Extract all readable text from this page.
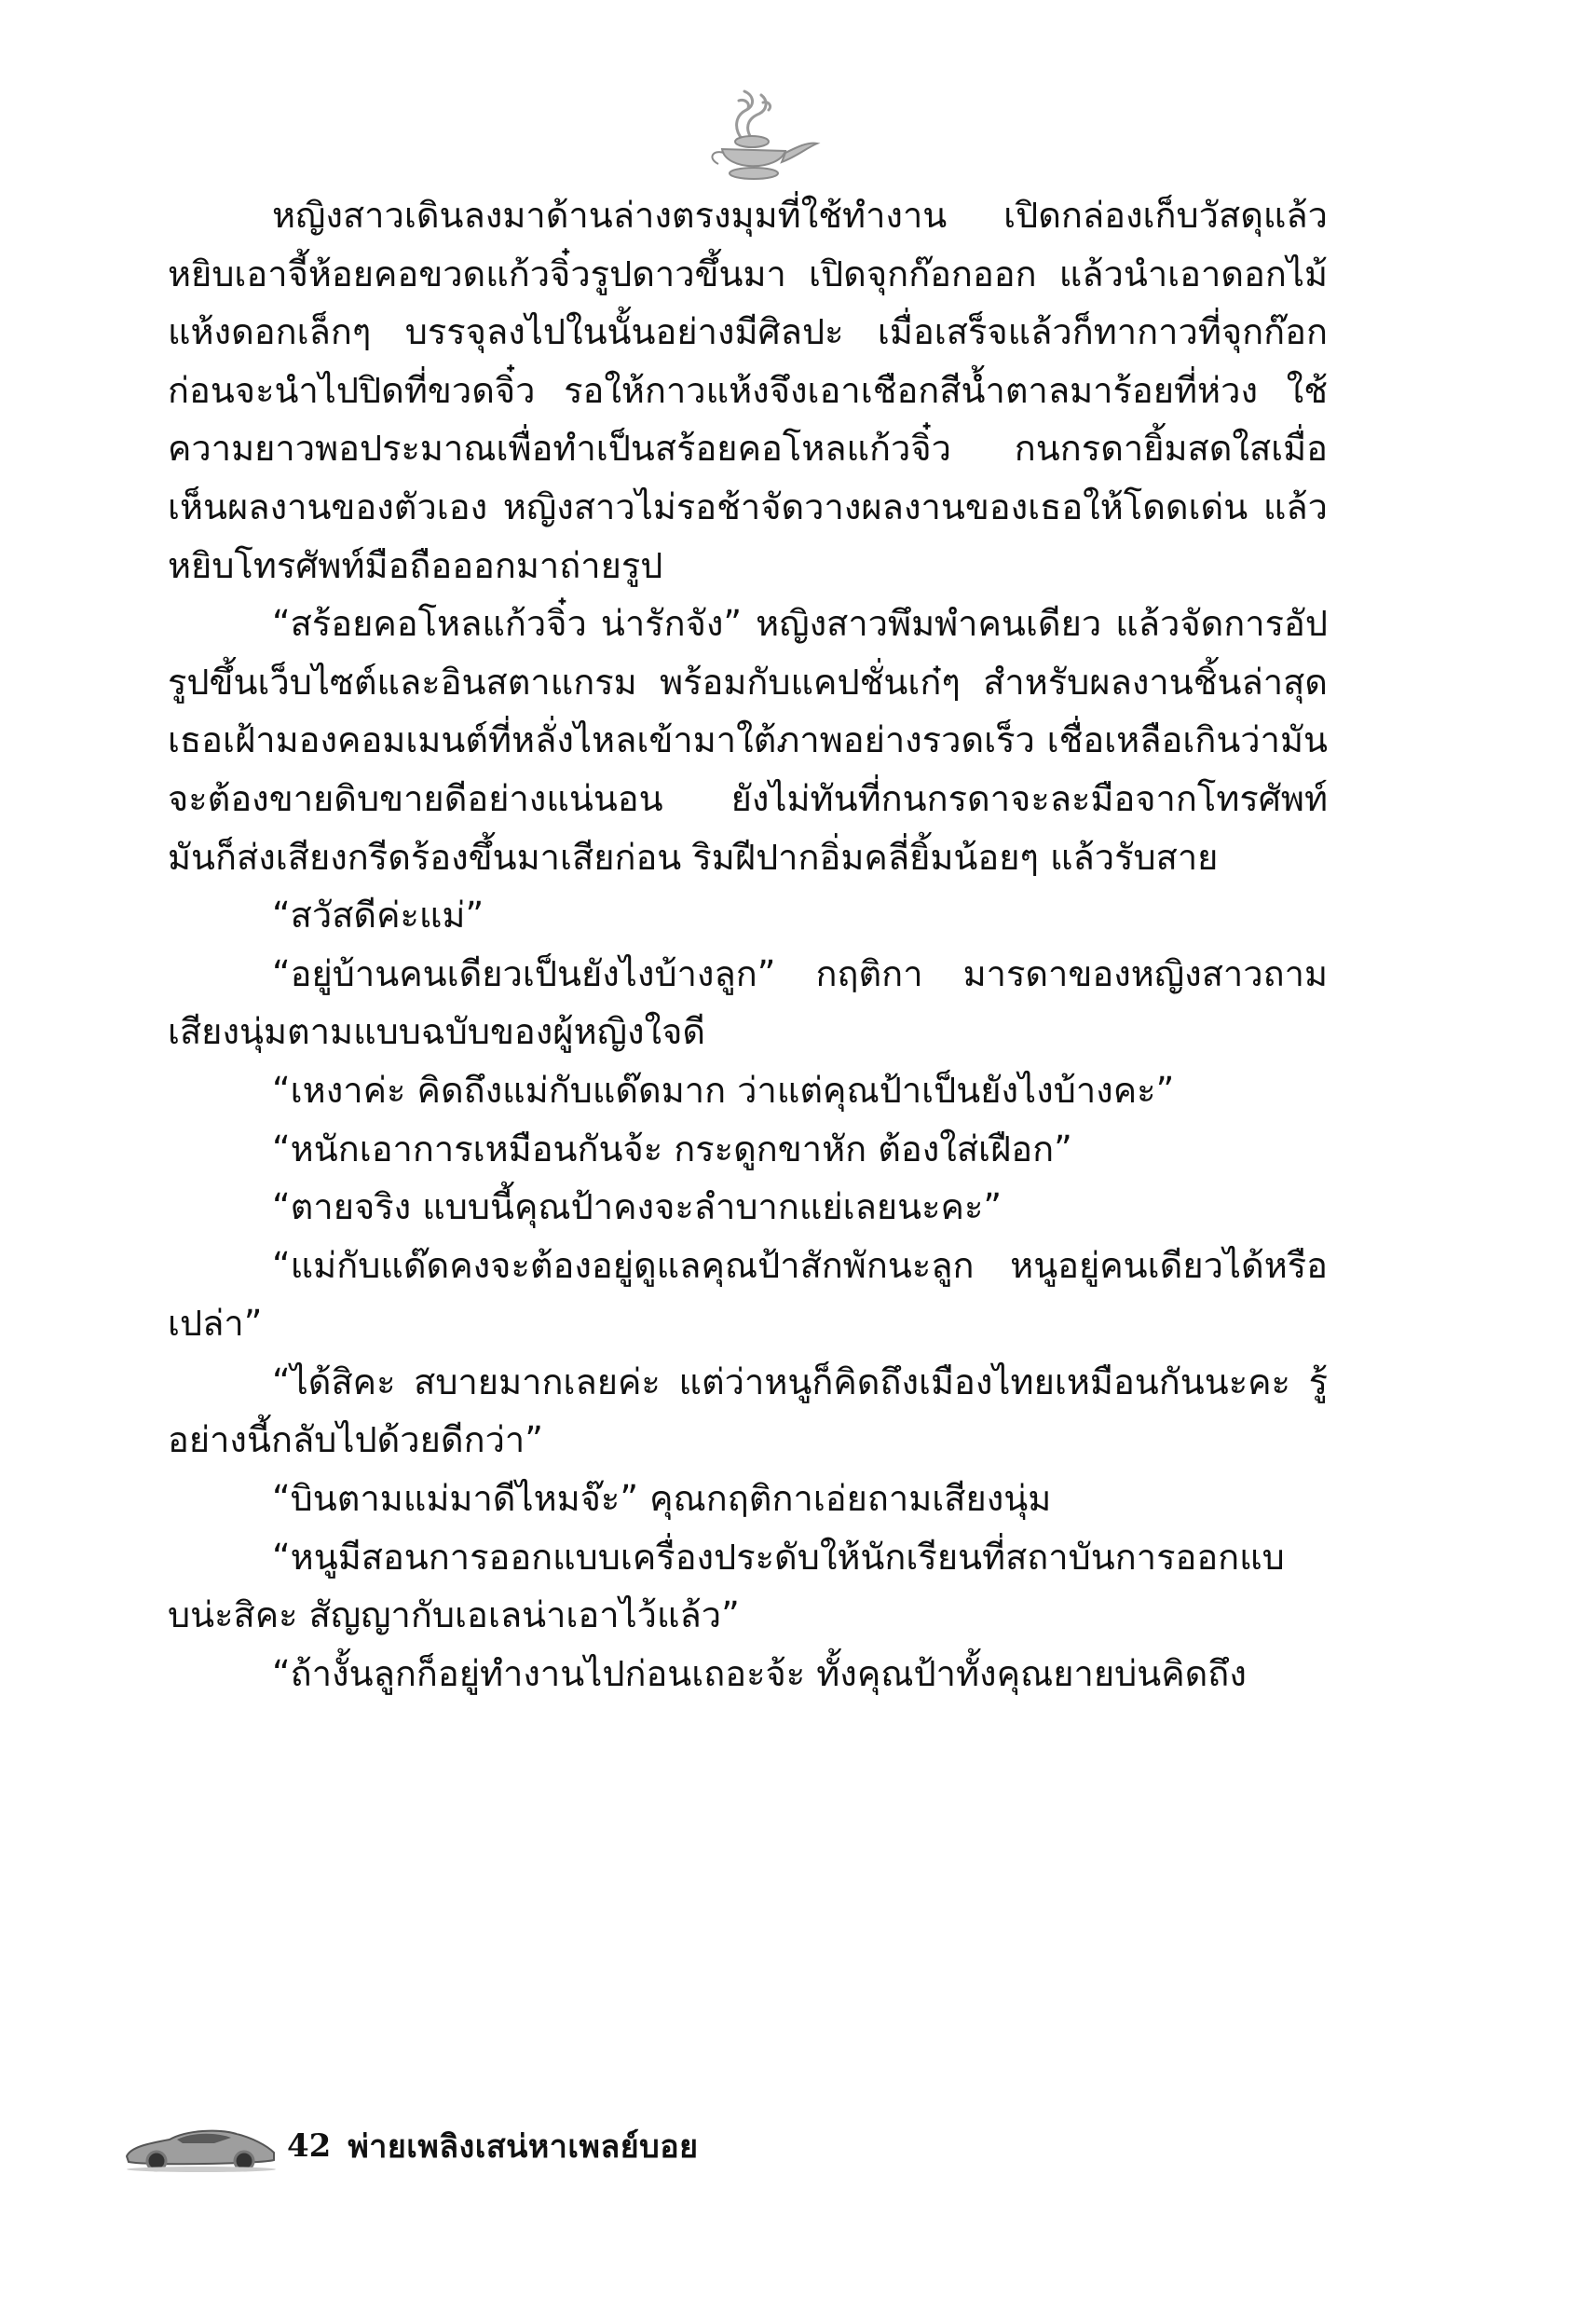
หญิงสาวเดินลงมาด้านล่างตรงมุมที่ใช้ทำงาน เปิดกล่องเก็บวัสดุแล้วหยิบเอาจี้ห้อยคอขวดแก้วจิ๋วรูปดาวขึ้นมา เปิดจุกก๊อกออก แล้วนำเอาดอกไม้แห้งดอกเล็กๆ บรรจุลงไปในนั้นอย่างมีศิลปะ เมื่อเสร็จแล้วก็ทากาวที่จุกก๊อก ก่อนจะนำไปปิดที่ขวดจิ๋ว รอให้กาวแห้งจึงเอาเชือกสีน้ำตาลมาร้อยที่ห่วง ใช้ความยาวพอประมาณเพื่อทำเป็นสร้อยคอโหลแก้วจิ๋ว กนกรดายิ้มสดใสเมื่อเห็นผลงานของตัวเอง หญิงสาวไม่รอช้าจัดวางผลงานของเธอให้โดดเด่น แล้วหยิบโทรศัพท์มือถือออกมาถ่ายรูป

“สร้อยคอโหลแก้วจิ๋ว น่ารักจัง” หญิงสาวพึมพำคนเดียว แล้วจัดการอัปรูปขึ้นเว็บไซต์และอินสตาแกรม พร้อมกับแคปชั่นเก๋ๆ สำหรับผลงานชิ้นล่าสุด เธอเฝ้ามองคอมเมนต์ที่หลั่งไหลเข้ามาใต้ภาพอย่างรวดเร็ว เชื่อเหลือเกินว่ามันจะต้องขายดิบขายดีอย่างแน่นอน ยังไม่ทันที่กนกรดาจะละมือจากโทรศัพท์ มันก็ส่งเสียงกรีดร้องขึ้นมาเสียก่อน ริมฝีปากอิ่มคลี่ยิ้มน้อยๆ แล้วรับสาย

“สวัสดีค่ะแม่”

“อยู่บ้านคนเดียวเป็นยังไงบ้างลูก” กฤติกา มารดาของหญิงสาวถามเสียงนุ่มตามแบบฉบับของผู้หญิงใจดี

“เหงาค่ะ คิดถึงแม่กับแด๊ดมาก ว่าแต่คุณป้าเป็นยังไงบ้างคะ”

“หนักเอาการเหมือนกันจ้ะ กระดูกขาหัก ต้องใส่เฝือก”

“ตายจริง แบบนี้คุณป้าคงจะลำบากแย่เลยนะคะ”

“แม่กับแด๊ดคงจะต้องอยู่ดูแลคุณป้าสักพักนะลูก หนูอยู่คนเดียวได้หรือเปล่า”

“ได้สิคะ สบายมากเลยค่ะ แต่ว่าหนูก็คิดถึงเมืองไทยเหมือนกันนะคะ รู้อย่างนี้กลับไปด้วยดีกว่า”

“บินตามแม่มาดีไหมจ๊ะ” คุณกฤติกาเอ่ยถามเสียงนุ่ม

“หนูมีสอนการออกแบบเครื่องประดับให้นักเรียนที่สถาบันการออกแบบน่ะสิคะ สัญญากับเอเลน่าเอาไว้แล้ว”

“ถ้างั้นลูกก็อยู่ทำงานไปก่อนเถอะจ้ะ ทั้งคุณป้าทั้งคุณยายบ่นคิดถึง

42 พ่ายเพลิงเสน่หาเพลย์บอย
